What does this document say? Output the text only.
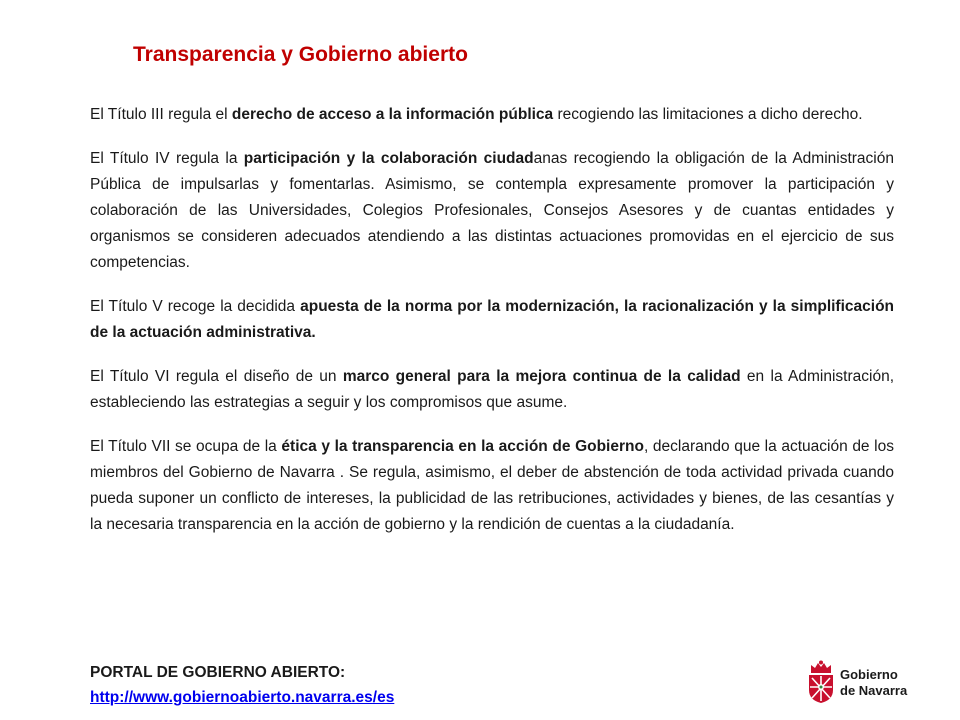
Transparencia y Gobierno abierto

El Título III regula el derecho de acceso a la información pública recogiendo las limitaciones a dicho derecho.

El Título IV regula la participación y la colaboración ciudadanas recogiendo la obligación de la Administración Pública de impulsarlas y fomentarlas. Asimismo, se contempla expresamente promover la participación y colaboración de las Universidades, Colegios Profesionales, Consejos Asesores y de cuantas entidades y organismos se consideren adecuados atendiendo a las distintas actuaciones promovidas en el ejercicio de sus competencias.

El Título V recoge la decidida apuesta de la norma por la modernización, la racionalización y la simplificación de la actuación administrativa.

El Título VI regula el diseño de un marco general para la mejora continua de la calidad en la Administración, estableciendo las estrategias a seguir y los compromisos que asume.

El Título VII se ocupa de la ética y la transparencia en la acción de Gobierno, declarando que la actuación de los miembros del Gobierno de Navarra . Se regula, asimismo, el deber de abstención de toda actividad privada cuando pueda suponer un conflicto de intereses, la publicidad de las retribuciones, actividades y bienes, de las cesantías y la necesaria transparencia en la acción de gobierno y la rendición de cuentas a la ciudadanía.

PORTAL DE GOBIERNO ABIERTO:
http://www.gobiernoabierto.navarra.es/es
Gobierno
de Navarra
